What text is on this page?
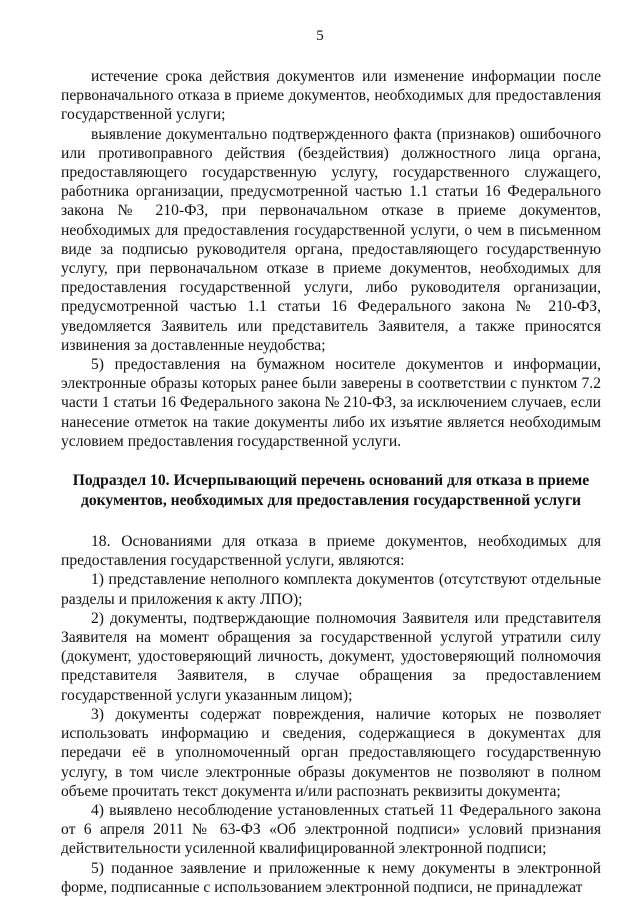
5

истечение срока действия документов или изменение информации после первоначального отказа в приеме документов, необходимых для предоставления государственной услуги;

выявление документально подтвержденного факта (признаков) ошибочного или противоправного действия (бездействия) должностного лица органа, предоставляющего государственную услугу, государственного служащего, работника организации, предусмотренной частью 1.1 статьи 16 Федерального закона № 210-ФЗ, при первоначальном отказе в приеме документов, необходимых для предоставления государственной услуги, о чем в письменном виде за подписью руководителя органа, предоставляющего государственную услугу, при первоначальном отказе в приеме документов, необходимых для предоставления государственной услуги, либо руководителя организации, предусмотренной частью 1.1 статьи 16 Федерального закона № 210-ФЗ, уведомляется Заявитель или представитель Заявителя, а также приносятся извинения за доставленные неудобства;

5) предоставления на бумажном носителе документов и информации, электронные образы которых ранее были заверены в соответствии с пунктом 7.2 части 1 статьи 16 Федерального закона № 210-ФЗ, за исключением случаев, если нанесение отметок на такие документы либо их изъятие является необходимым условием предоставления государственной услуги.

Подраздел 10. Исчерпывающий перечень оснований для отказа в приеме документов, необходимых для предоставления государственной услуги

18. Основаниями для отказа в приеме документов, необходимых для предоставления государственной услуги, являются:

1) представление неполного комплекта документов (отсутствуют отдельные разделы и приложения к акту ЛПО);

2) документы, подтверждающие полномочия Заявителя или представителя Заявителя на момент обращения за государственной услугой утратили силу (документ, удостоверяющий личность, документ, удостоверяющий полномочия представителя Заявителя, в случае обращения за предоставлением государственной услуги указанным лицом);

3) документы содержат повреждения, наличие которых не позволяет использовать информацию и сведения, содержащиеся в документах для передачи её в уполномоченный орган предоставляющего государственную услугу, в том числе электронные образы документов не позволяют в полном объеме прочитать текст документа и/или распознать реквизиты документа;

4) выявлено несоблюдение установленных статьей 11 Федерального закона от 6 апреля 2011 № 63-ФЗ «Об электронной подписи» условий признания действительности усиленной квалифицированной электронной подписи;

5) поданное заявление и приложенные к нему документы в электронной форме, подписанные с использованием электронной подписи, не принадлежат
